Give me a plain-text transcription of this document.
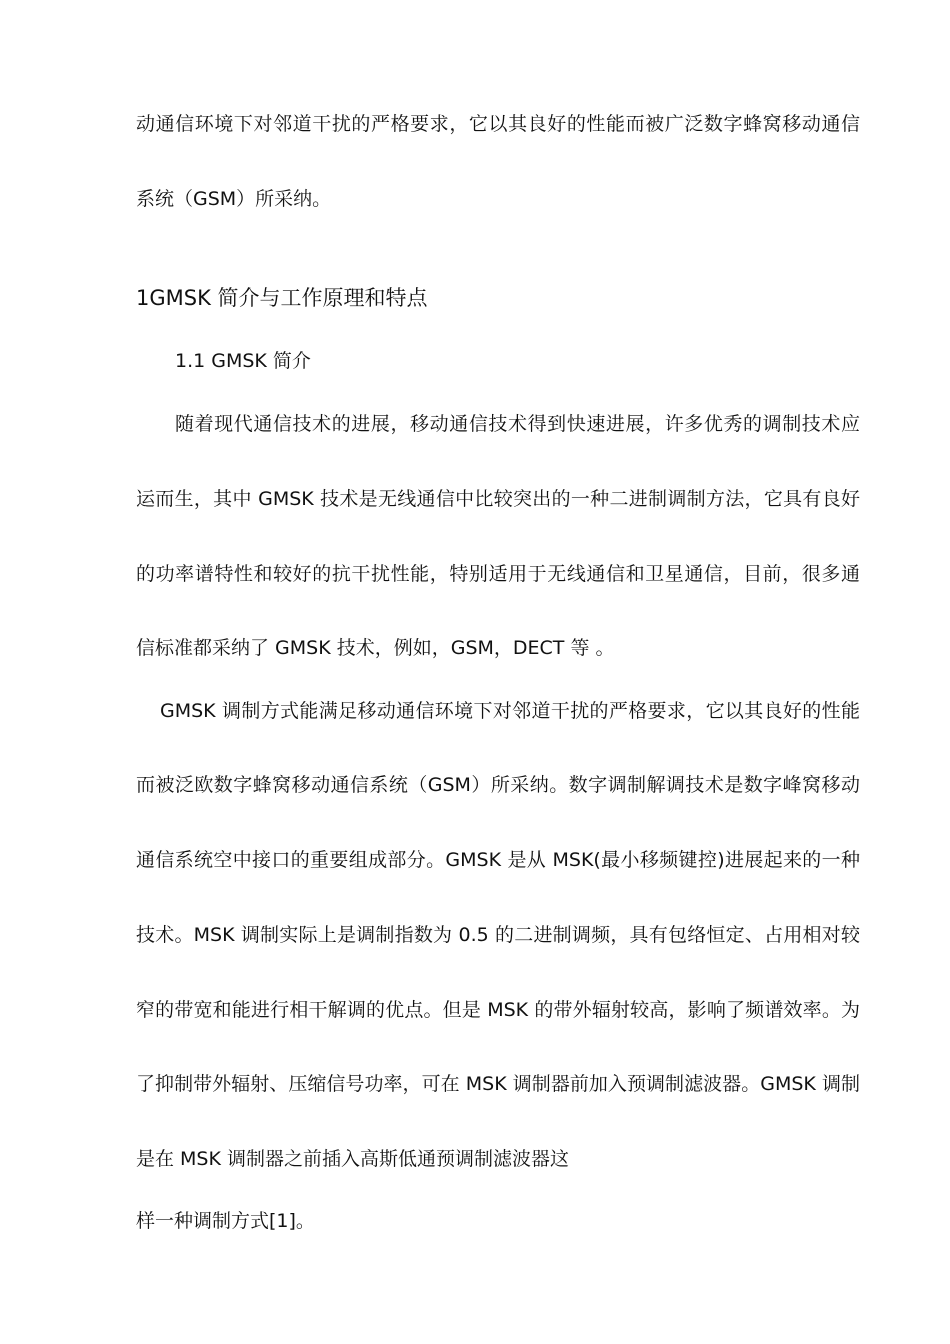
动通信环境下对邻道干扰的严格要求，它以其良好的性能而被广泛数字蜂窝移动通信
系统（GSM）所采纳。
1GMSK 简介与工作原理和特点
1.1 GMSK 简介
随着现代通信技术的进展，移动通信技术得到快速进展，许多优秀的调制技术应
运而生，其中 GMSK 技术是无线通信中比较突出的一种二进制调制方法，它具有良好
的功率谱特性和较好的抗干扰性能，特别适用于无线通信和卫星通信，目前，很多通
信标准都采纳了 GMSK 技术，例如，GSM，DECT 等 。
GMSK 调制方式能满足移动通信环境下对邻道干扰的严格要求，它以其良好的性能
而被泛欧数字蜂窝移动通信系统（GSM）所采纳。数字调制解调技术是数字峰窝移动
通信系统空中接口的重要组成部分。GMSK 是从 MSK(最小移频键控)进展起来的一种
技术。MSK 调制实际上是调制指数为 0.5 的二进制调频，具有包络恒定、占用相对较
窄的带宽和能进行相干解调的优点。但是 MSK 的带外辐射较高，影响了频谱效率。为
了抑制带外辐射、压缩信号功率，可在 MSK 调制器前加入预调制滤波器。GMSK 调制
是在 MSK 调制器之前插入高斯低通预调制滤波器这
样一种调制方式[1]。
